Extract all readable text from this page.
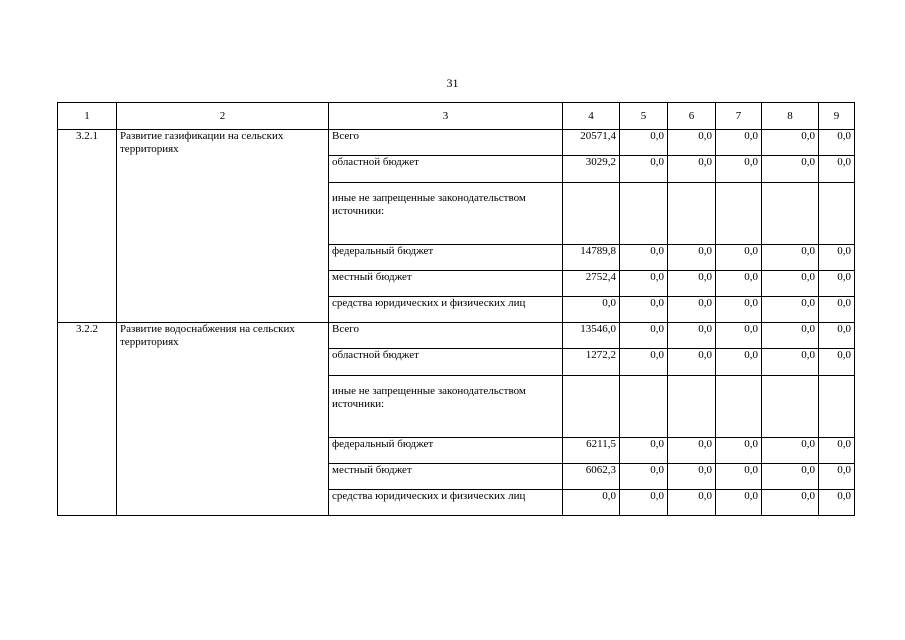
31
1	2	3	4	5	6	7	8	9
3.2.1	Развитие газификации на сельских территориях	Всего	20571,4	0,0	0,0	0,0	0,0	0,0
		областной бюджет	3029,2	0,0	0,0	0,0	0,0	0,0
		иные не запрещенные законодательством источники:						
		федеральный бюджет	14789,8	0,0	0,0	0,0	0,0	0,0
		местный бюджет	2752,4	0,0	0,0	0,0	0,0	0,0
		средства юридических и физических лиц	0,0	0,0	0,0	0,0	0,0	0,0
3.2.2	Развитие водоснабжения на сельских территориях	Всего	13546,0	0,0	0,0	0,0	0,0	0,0
		областной бюджет	1272,2	0,0	0,0	0,0	0,0	0,0
		иные не запрещенные законодательством источники:						
		федеральный бюджет	6211,5	0,0	0,0	0,0	0,0	0,0
		местный бюджет	6062,3	0,0	0,0	0,0	0,0	0,0
		средства юридических и физических лиц	0,0	0,0	0,0	0,0	0,0	0,0
